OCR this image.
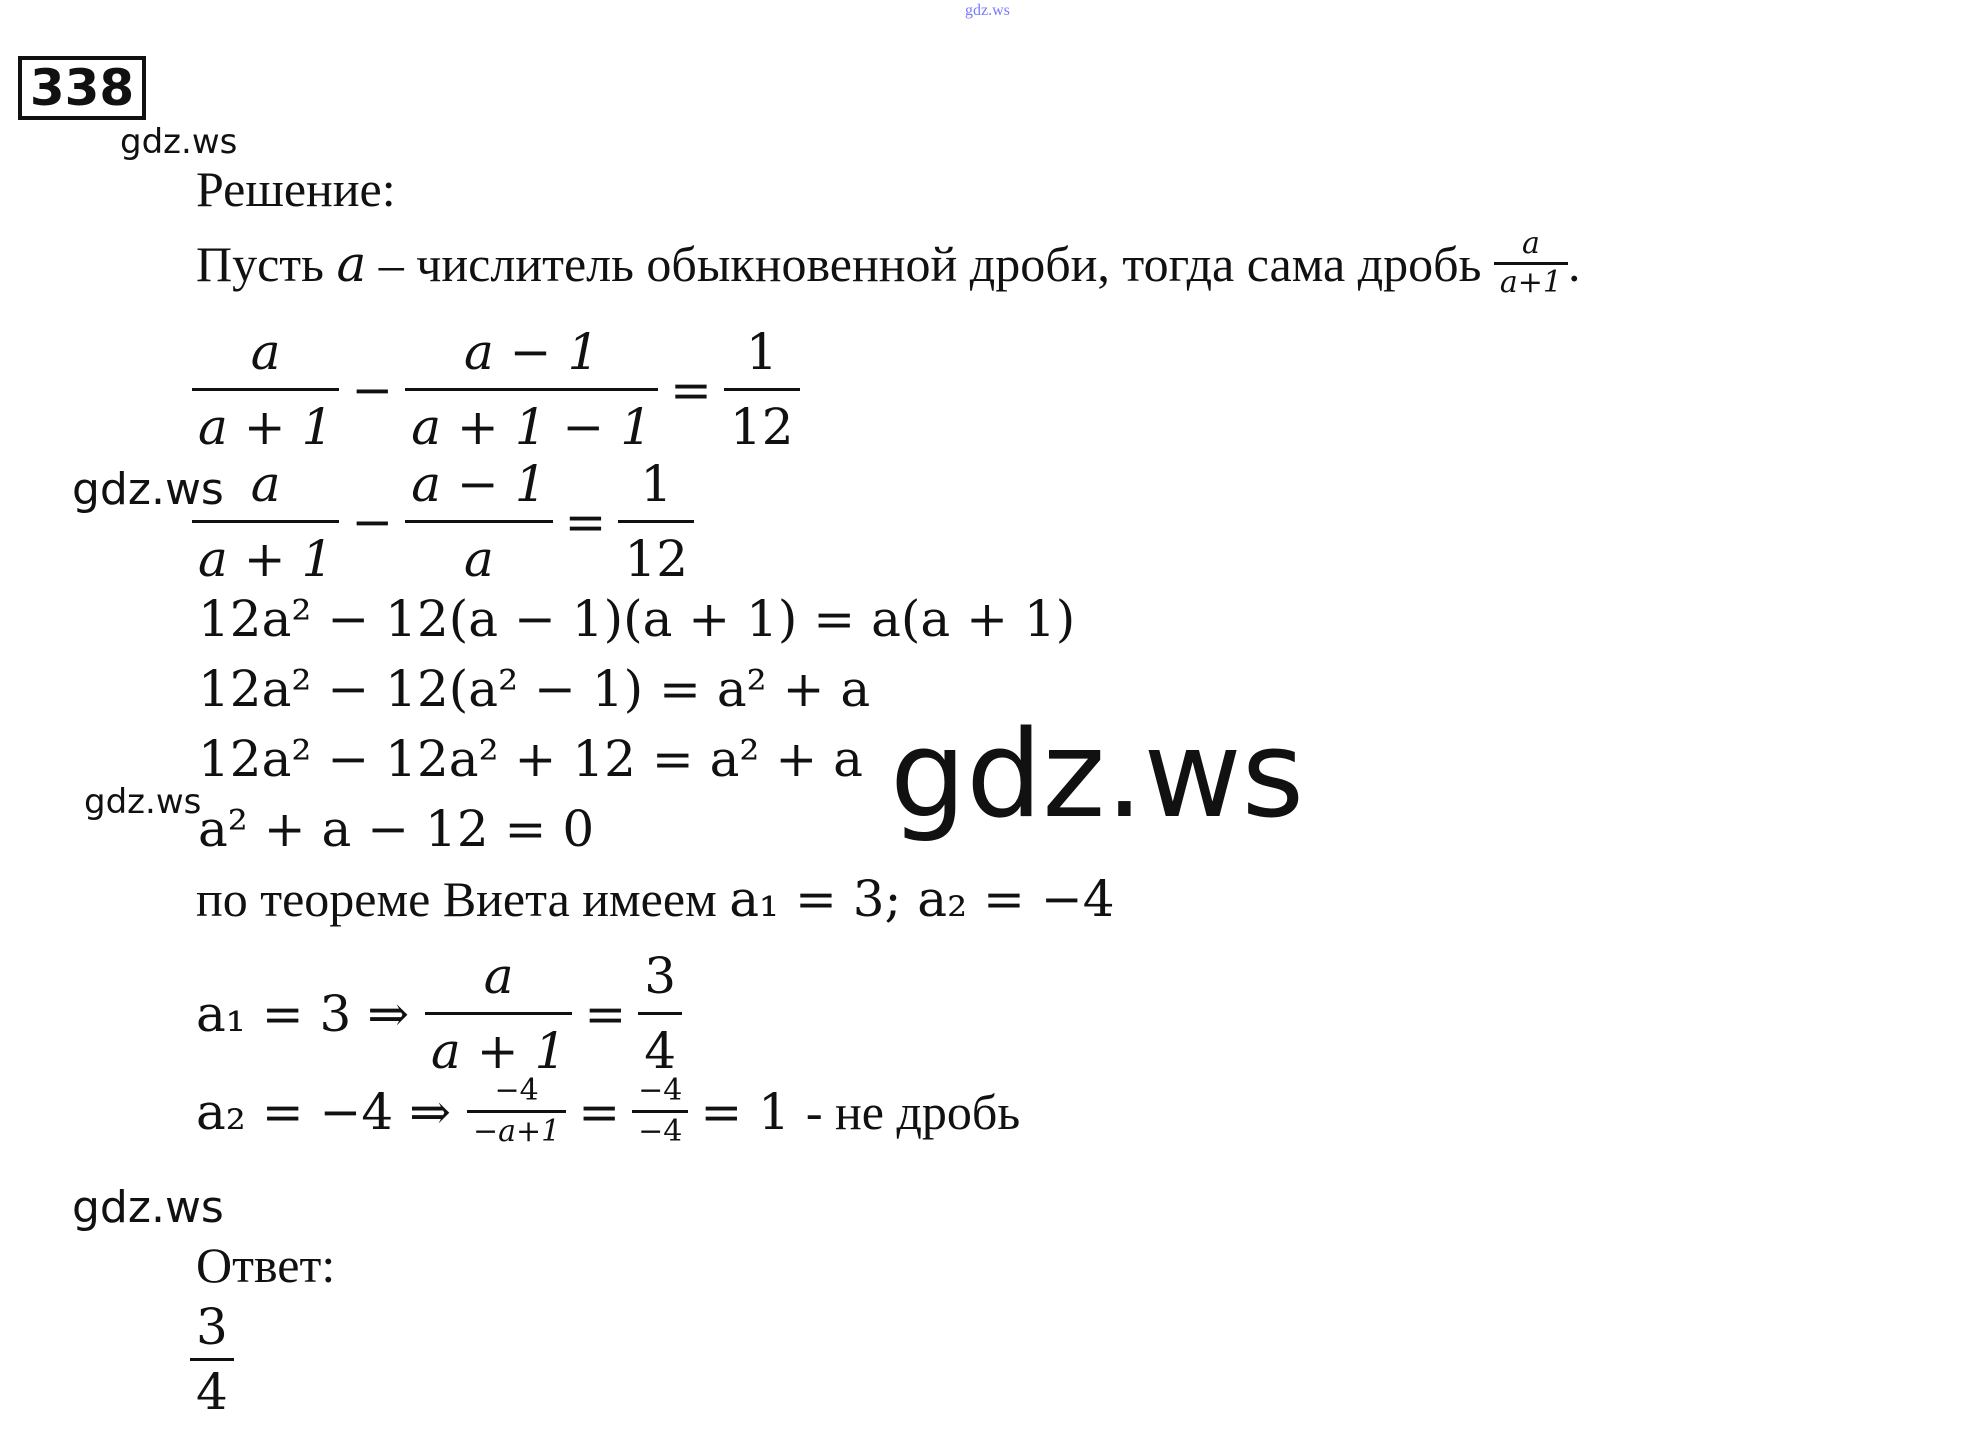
gdz.ws
gdz.ws
gdz.ws
gdz.ws
gdz.ws
338
Решение:
Пусть
a
– числитель обыкновенной дроби, тогда сама дробь
$\frac{a}{a+1}$ .
$\frac{a}{a + 1} - \frac{a - 1}{a + 1 - 1} = \frac{1}{12}$
$\frac{a}{a + 1} - \frac{a - 1}{a} = \frac{1}{12}$
12a² − 12(a − 1)(a + 1) = a(a + 1)
12a² − 12(a² − 1) = a² + a
12a² − 12a² + 12 = a² + a
a² + a − 12 = 0 gdz.ws
по теореме Виета имеем
a₁ = 3; a₂ = −4
a₁ = 3 ⇒
$\frac{a}{a + 1} = \frac{3}{4}$
a₂ = −4 ⇒
$\frac{-4}{-a+1} = \frac{-4}{-4} = 1$
- не дробь
Ответ:
$\frac{3}{4}$
